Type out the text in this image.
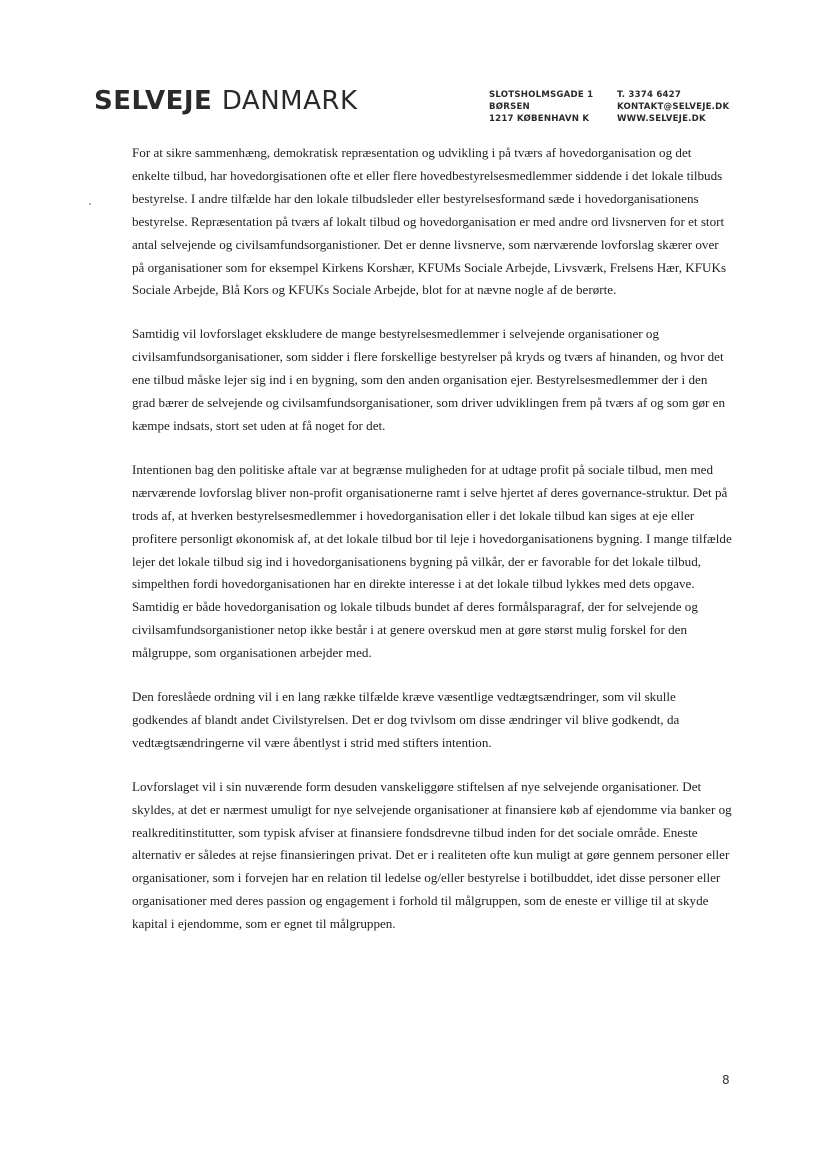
SELVEJE DANMARK	SLOTSHOLMSGADE 1
BØRSEN
1217 KØBENHAVN K
T. 3374 6427
KONTAKT@SELVEJE.DK
WWW.SELVEJE.DK

For at sikre sammenhæng, demokratisk repræsentation og udvikling i på tværs af hovedorganisation og det enkelte tilbud, har hovedorgisationen ofte et eller flere hovedbestyrelsesmedlemmer siddende i det lokale tilbuds bestyrelse. I andre tilfælde har den lokale tilbudsleder eller bestyrelsesformand sæde i hovedorganisationens bestyrelse. Repræsentation på tværs af lokalt tilbud og hovedorganisation er med andre ord livsnerven for et stort antal selvejende og civilsamfundsorganistioner. Det er denne livsnerve, som nærværende lovforslag skærer over på organisationer som for eksempel Kirkens Korshær, KFUMs Sociale Arbejde, Livsværk, Frelsens Hær, KFUKs Sociale Arbejde, Blå Kors og KFUKs Sociale Arbejde, blot for at nævne nogle af de berørte.

Samtidig vil lovforslaget ekskludere de mange bestyrelsesmedlemmer i selvejende organisationer og civilsamfundsorganisationer, som sidder i flere forskellige bestyrelser på kryds og tværs af hinanden, og hvor det ene tilbud måske lejer sig ind i en bygning, som den anden organisation ejer. Bestyrelsesmedlemmer der i den grad bærer de selvejende og civilsamfundsorganisationer, som driver udviklingen frem på tværs af og som gør en kæmpe indsats, stort set uden at få noget for det.

Intentionen bag den politiske aftale var at begrænse muligheden for at udtage profit på sociale tilbud, men med nærværende lovforslag bliver non-profit organisationerne ramt i selve hjertet af deres governance-struktur. Det på trods af, at hverken bestyrelsesmedlemmer i hovedorganisation eller i det lokale tilbud kan siges at eje eller profitere personligt økonomisk af, at det lokale tilbud bor til leje i hovedorganisationens bygning. I mange tilfælde lejer det lokale tilbud sig ind i hovedorganisationens bygning på vilkår, der er favorable for det lokale tilbud, simpelthen fordi hovedorganisationen har en direkte interesse i at det lokale tilbud lykkes med dets opgave. Samtidig er både hovedorganisation og lokale tilbuds bundet af deres formålsparagraf, der for selvejende og civilsamfundsorganistioner netop ikke består i at genere overskud men at gøre størst mulig forskel for den målgruppe, som organisationen arbejder med.

Den foreslåede ordning vil i en lang række tilfælde kræve væsentlige vedtægtsændringer, som vil skulle godkendes af blandt andet Civilstyrelsen. Det er dog tvivlsom om disse ændringer vil blive godkendt, da vedtægtsændringerne vil være åbentlyst i strid med stifters intention.

Lovforslaget vil i sin nuværende form desuden vanskeliggøre stiftelsen af nye selvejende organisationer. Det skyldes, at det er nærmest umuligt for nye selvejende organisationer at finansiere køb af ejendomme via banker og realkreditinstitutter, som typisk afviser at finansiere fondsdrevne tilbud inden for det sociale område. Eneste alternativ er således at rejse finansieringen privat. Det er i realiteten ofte kun muligt at gøre gennem personer eller organisationer, som i forvejen har en relation til ledelse og/eller bestyrelse i botilbuddet, idet disse personer eller organisationer med deres passion og engagement i forhold til målgruppen, som de eneste er villige til at skyde kapital i ejendomme, som er egnet til målgruppen.

8
